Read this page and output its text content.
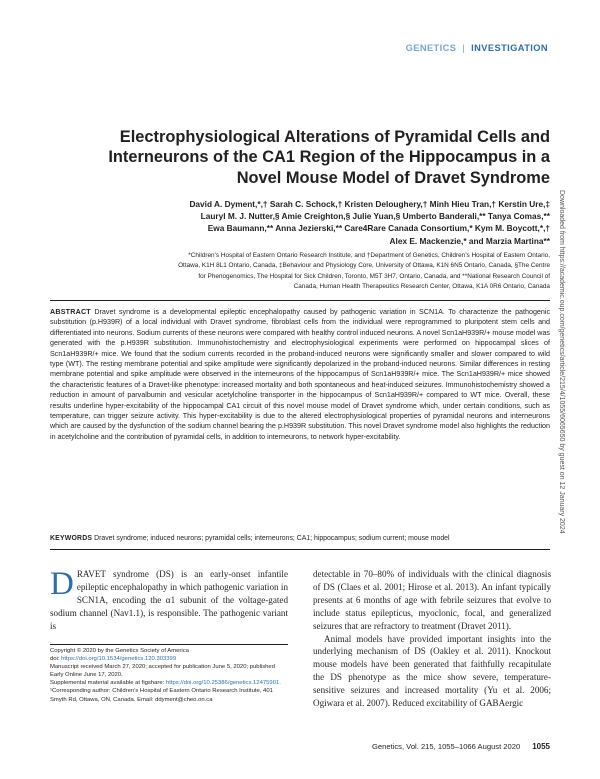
GENETICS | INVESTIGATION
Electrophysiological Alterations of Pyramidal Cells and Interneurons of the CA1 Region of the Hippocampus in a Novel Mouse Model of Dravet Syndrome
David A. Dyment,*,† Sarah C. Schock,† Kristen Deloughery,† Minh Hieu Tran,† Kerstin Ure,‡
Lauryl M. J. Nutter,§ Amie Creighton,§ Julie Yuan,§ Umberto Banderali,** Tanya Comas,**
Ewa Baumann,** Anna Jezierski,** Care4Rare Canada Consortium,* Kym M. Boycott,*,†
Alex E. Mackenzie,* and Marzia Martina**
*Children’s Hospital of Eastern Ontario Research Institute, and †Department of Genetics, Children’s Hospital of Eastern Ontario,
Ottawa, K1H 8L1 Ontario, Canada, ‡Behaviour and Physiology Core, University of Ottawa, K1N 6N5 Ontario, Canada, §The Centre
for Phenogenomics, The Hospital for Sick Children, Toronto, M5T 3H7, Ontario, Canada, and **National Research Council of
Canada, Human Health Therapeutics Research Center, Ottawa, K1A 0R6 Ontario, Canada Downloaded from https://academic.oup.com/genetics/article/215/4/1055/6065650 by guest on 12 January 2024
ABSTRACT Dravet syndrome is a developmental epileptic encephalopathy caused by pathogenic variation in SCN1A. To characterize the pathogenic substitution (p.H939R) of a local individual with Dravet syndrome, fibroblast cells from the individual were reprogrammed to pluripotent stem cells and differentiated into neurons. Sodium currents of these neurons were compared with healthy control induced neurons. A novel Scn1aH939R/+ mouse model was generated with the p.H939R substitution. Immunohistochemistry and electrophysiological experiments were performed on hippocampal slices of Scn1aH939R/+ mice. We found that the sodium currents recorded in the proband-induced neurons were significantly smaller and slower compared to wild type (WT). The resting membrane potential and spike amplitude were significantly depolarized in the proband-induced neurons. Similar differences in resting membrane potential and spike amplitude were observed in the interneurons of the hippocampus of Scn1aH939R/+ mice. The Scn1aH939R/+ mice showed the characteristic features of a Dravet-like phenotype: increased mortality and both spontaneous and heat-induced seizures. Immunohistochemistry showed a reduction in amount of parvalbumin and vesicular acetylcholine transporter in the hippocampus of Scn1aH939R/+ compared to WT mice. Overall, these results underline hyper-excitability of the hippocampal CA1 circuit of this novel mouse model of Dravet syndrome which, under certain conditions, such as temperature, can trigger seizure activity. This hyper-excitability is due to the altered electrophysiological properties of pyramidal neurons and interneurons which are caused by the dysfunction of the sodium channel bearing the p.H939R substitution. This novel Dravet syndrome model also highlights the reduction in acetylcholine and the contribution of pyramidal cells, in addition to interneurons, to network hyper-excitability.
KEYWORDS Dravet syndrome; induced neurons; pyramidal cells; interneurons; CA1; hippocampus; sodium current; mouse model
DRAVET syndrome (DS) is an early-onset infantile epileptic encephalopathy in which pathogenic variation in SCN1A, encoding the α1 subunit of the voltage-gated sodium channel (Nav1.1), is responsible. The pathogenic variant is
Copyright © 2020 by the Genetics Society of America
doi: https://doi.org/10.1534/genetics.120.303399
Manuscript received March 27, 2020; accepted for publication June 5, 2020; published Early Online June 17, 2020.
Supplemental material available at figshare: https://doi.org/10.25386/genetics.12475901.
¹Corresponding author: Children’s Hospital of Eastern Ontario Research Institute, 401 Smyth Rd, Ottawa, ON, Canada. Email: ddyment@cheo.on.ca

detectable in 70–80% of individuals with the clinical diagnosis of DS (Claes et al. 2001; Hirose et al. 2013). An infant typically presents at 6 months of age with febrile seizures that evolve to include status epilepticus, myoclonic, focal, and generalized seizures that are refractory to treatment (Dravet 2011).

Animal models have provided important insights into the underlying mechanism of DS (Oakley et al. 2011). Knockout mouse models have been generated that faithfully recapitulate the DS phenotype as the mice show severe, temperature-sensitive seizures and increased mortality (Yu et al. 2006; Ogiwara et al. 2007). Reduced excitability of GABAergic

Genetics, Vol. 215, 1055–1066 August 2020 1055
